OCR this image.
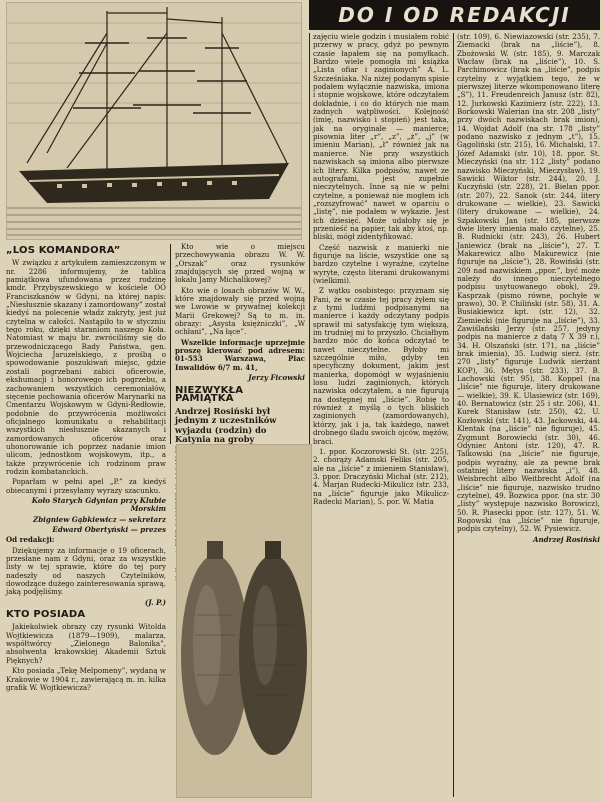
DO I OD REDAKCJI
„LOS KOMANDORA”

W związku z artykułem zamieszczonym w nr. 2286 informujemy, że tablica pamiątkowa ufundowana przez rodzinę kmdr. Przybyszewskiego w kościele OO Franciszkanów w Gdyni, na której napis: „Niesłusznie skazany i zamordowany” został kiedyś na polecenie władz zakryty, jest już czytelna w całości. Nastąpiło to w styczniu tego roku, dzięki staraniom naszego Koła. Natomiast w maju br. zwróciliśmy się do przewodniczącego Rady Państwa, gen. Wojciecha Jaruzelskiego, z prośbą o spowodowanie poszukiwań miejsc, gdzie zostali pogrzebani zabici oficerowie, ekshumacji i honorowego ich pogrzebu, a zachowaniem wszystkich ceremoniałów, sięcenie pochowania oficerów Marynarki na Cmentarzu Wojskowym w Gdyni-Redłowie, podobnie do przywrócenia możliwości oficjalnego komunikatu o rehabilitacji wszystkich niesłusznie skazanych i zamordowanych oficerów oraz uhonorowanie ich poprzez nadanie imion ulicom, jednostkom wojskowym, itp., a także przywrócenie ich rodzinom praw rodzin kombatanckich.

Poparłam w pełni apel „P.” za kiedyś obiecanymi i przesyłamy wyrazy szacunku.

Koło Starych Gdynian przy Klubie Morskim
Zbigniew Gąbkiewicz — sekretarz
Edward Obertyński — prezes

Od redakcji:

Dziękujemy za informacje o 19 oficerach, przesłane nam z Gdyni, oraz za wszystkie listy w tej sprawie, które do tej pory nadeszły od naszych Czytelników, dowodzące dużego zainteresowania sprawą, jaką podjęliśmy.

(J. P.)
KTO POSIADA

Jakiekolwiek obrazy czy rysunki Witolda Wojtkiewicza (1879—1909), malarza, współtwórcy „Zielonego Balonika”, absolwenta krakowskiej Akademii Sztuk Pięknych?

Kto posiada „Tekę Melpomeny”, wydaną w Krakowie w 1904 r., zawierającą m. in. kilka grafik W. Wojtkiewicza?

Kto wie o miejscu przechowywania obrazu W. W. „Orszak” oraz rysunków znajdujących się przed wojną w lokalu Jamy Michalikowej?

Kto wie o losach obrazów W. W., które znajdowały się przed wojną we Lwowie w prywatnej kolekcji Marii Grekowej? Są to m. in. obrazy: „Asysta księżniczki”, „W ochłani”, „Na łące”.

Wszelkie informacje uprzejmie proszę kierować pod adresem: 01-553 Warszawa, Plac Inwalidów 6/7 m. 41,

Jerzy Ficowski
NIEZWYKŁA PAMIĄTKA

Andrzej Rosiński był jednym z uczestników wyjazdu (rodzin) do Katynia na groby

zajęciu wiele godzin i musiałem robić przerwy w pracy, gdyż po pewnym czasie łapałem się na pomyłkach. Bardzo wiele pomogła mi książka „Lista ofiar i zaginionych” A. L. Szcześniaka. Na niżej podanym spisie podałem wyłącznie nazwiska, imiona i stopnie wojskowe, które odczytałem dokładnie, i co do których nie mam żadnych wątpliwości. Kolejność (imię, nazwisko i stopień) jest taka, jak na oryginale — manierce; pisownia liter „r”, „z”, „ż”, „j” (w imieniu Marian), „ł” również jak na manierce. Nie przy wszystkich nazwiskach są imiona albo pierwsze ich litery. Kilka podpisów, nawet ze autografami, jest zupełnie nieczytelnych. Inne są nie w pełni czytelne, a ponieważ nie mogłem ich „rozszyfrować” nawet w oparciu o „listę”, nie podałem w wykazie. Jest ich dziesięć. Może udałoby się je przenieść na papier, tak aby ktoś, np. bliski, mógł zidentyfikować.

Część nazwisk z manierki nie figuruje na liście, wszystkie one są bardzo czytelne i wyraźne, czytelne wyryte, często literami drukowanymi (wielkimi).

Z wątku osobistego: przyznam się Pani, że w czasie tej pracy żyłem się z tymi ludźmi podpisanymi na manierce i każdy odczytany podpis sprawił mi satysfakcję tym większą, im trudniej mi to przyszło. Chciałbym bardzo móc do końca odczytać te nawet nieczytelne. Byłoby mi szczególnie miło, gdyby ten specyficzny dokument, jakim jest manierka, dopomógł w wyjaśnieniu losu ludzi zaginionych, których nazwiska odczytałem, a nie figurują na dostępnej mi „liście”. Robię to również z myślą o tych bliskich zaginionych (zamordowanych), którzy, jak i ja, tak każdego, nawet drobnego śladu swoich ojców, mężów, braci.

1. ppor. Koczorowski St. (str. 225), 2. chorąży Adamski Feliks (str. 205, ale na „liście” z imieniem Stanisław), 3. ppor. Draczyński Michał (str. 212), 4. Marjan Rudecki-Mikulicz (str. 233, na „liście” figuruje jako Mikulicz-Radecki Marian), 5. por. W. Matia

(str. 109), 6. Niewiazowski (str. 235), 7. Ziemacki (brak na „liście”), 8. Zbożowski W. (str. 185), 9. Marczak Wacław (brak na „liście”), 10. S. Parchimowicz (brak na „liście”, podpis czytelny z wyjątkiem tego, że w pierwszej literze wkomponowano literę „S”), 11. Freudenreich Janusz (str. 82), 12. Jurkowski Kazimierz (str. 222), 13. Borkowski Walerian (na str. 208 „listy” przy dwóch nazwiskach brak imion), 14. Wojdat Adolf (na str. 178 „listy” podano nazwisko z jednym „t”), 15. Gągoliński (str. 215), 16. Michalski, 17. Józef Adamski (str. 10), 18. ppor. St. Mieczyński (na str. 112 „listy” podano nazwisko Mieczyński, Mieczysław), 19. Sawicki Wiktor (str. 244), 20. J. Kuczyński (str. 228), 21. Bielan ppor. (str. 207), 22. Sanok (str. 244, litery drukowane — wielkie), 23. Sawicki (litery drukowane — wielkie), 24. Szpakowski Jan (str. 185, pierwsze dwie litery imienia mało czytelne), 25. B. Rudnicki (str. 243), 26. Hubert Janiewicz (brak na „liście”), 27. T. Makarewicz albo Makurewicz (nie figuruje na „liście”), 28. Rowiński (str. 209 nad nazwiskiem „ppor.”, być może należy do innego nieczytelnego podpisu usytuowanego obok), 29. Kasprzak (pismo równe, pochyłe w prawo), 30. P. Chiliński (str. 58), 31. A. Busiakiewicz kpt. (str. 12), 32. Ziemiecki (nie figuruje na „liście”), 33. Zawiślański Jerzy (str. 257, jedyny podpis na manierce z datą 7 X 39 r.), 34. H. Olszański (str. 171, na „liście” brak imienia), 35. Ludwig sierż. (str. 270 „listy” figuruje Ludwik sierżant KOP), 36. Mętys (str. 233), 37. B. Lachowski (str. 95), 38. Koppel (na „liście” nie figuruje, litery drukowane — wielkie), 39. K. Ulasiewicz (str. 169), 40. Bernatowicz (str. 25 i str. 206), 41. Kurek Stanisław (str. 250), 42. U. Kozłowski (str. 141), 43. Jackowski, 44. Klentak (na „liście” nie figuruje), 45. Zygmunt Borowiecki (str. 30), 46. Odyniec Antoni (str. 120), 47. R. Talkowski (na „liście” nie figuruje, podpis wyraźny, ale za pewne brak ostatniej litery nazwiska „i”), 48. Weisbrecht albo Weitbrecht Adolf (na „liście” nie figuruje, nazwisko trudno czytelne), 49. Bozwica ppor. (na str. 30 „listy” występuje nazwisko Borowicz), 50. R. Piasecki ppor. (str. 127), 51. W. Rogowski (na „liście” nie figuruje, podpis czytelny), 52. W. Pysiewicz.

Andrzej Rosiński
